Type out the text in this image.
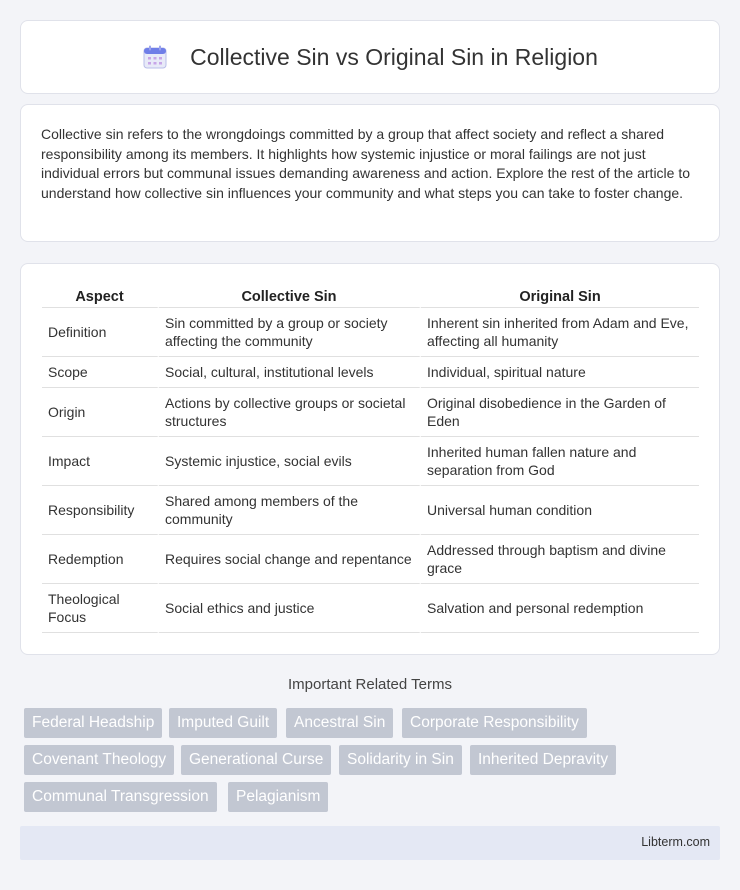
Collective Sin vs Original Sin in Religion

Collective sin refers to the wrongdoings committed by a group that affect society and reflect a shared responsibility among its members. It highlights how systemic injustice or moral failings are not just individual errors but communal issues demanding awareness and action. Explore the rest of the article to understand how collective sin influences your community and what steps you can take to foster change.

Aspect	Collective Sin	Original Sin
Definition	Sin committed by a group or society affecting the community	Inherent sin inherited from Adam and Eve, affecting all humanity
Scope	Social, cultural, institutional levels	Individual, spiritual nature
Origin	Actions by collective groups or societal structures	Original disobedience in the Garden of Eden
Impact	Systemic injustice, social evils	Inherited human fallen nature and separation from God
Responsibility	Shared among members of the community	Universal human condition
Redemption	Requires social change and repentance	Addressed through baptism and divine grace
Theological Focus	Social ethics and justice	Salvation and personal redemption
Important Related Terms
Federal Headship	Imputed Guilt	Ancestral Sin	Corporate Responsibility
Covenant Theology	Generational Curse	Solidarity in Sin	Inherited Depravity
Communal Transgression	Pelagianism
Libterm.com
